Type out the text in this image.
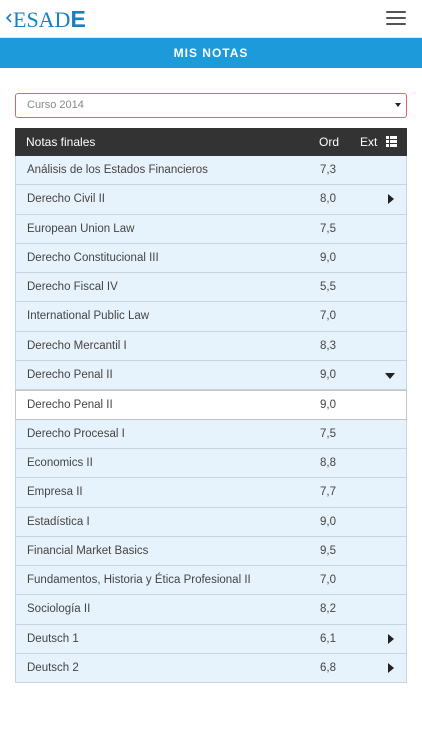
ESADE
MIS NOTAS
Curso 2014
Notas finales	Ord Ext
Análisis de los Estados Financieros	7,3
Derecho Civil II	8,0
European Union Law	7,5
Derecho Constitucional III	9,0
Derecho Fiscal IV	5,5
International Public Law	7,0
Derecho Mercantil I	8,3
Derecho Penal II	9,0
Derecho Penal II	9,0
Derecho Procesal I	7,5
Economics II	8,8
Empresa II	7,7
Estadística I	9,0
Financial Market Basics	9,5
Fundamentos, Historia y Ética Profesional II	7,0
Sociología II	8,2
Deutsch 1	6,1
Deutsch 2	6,8
